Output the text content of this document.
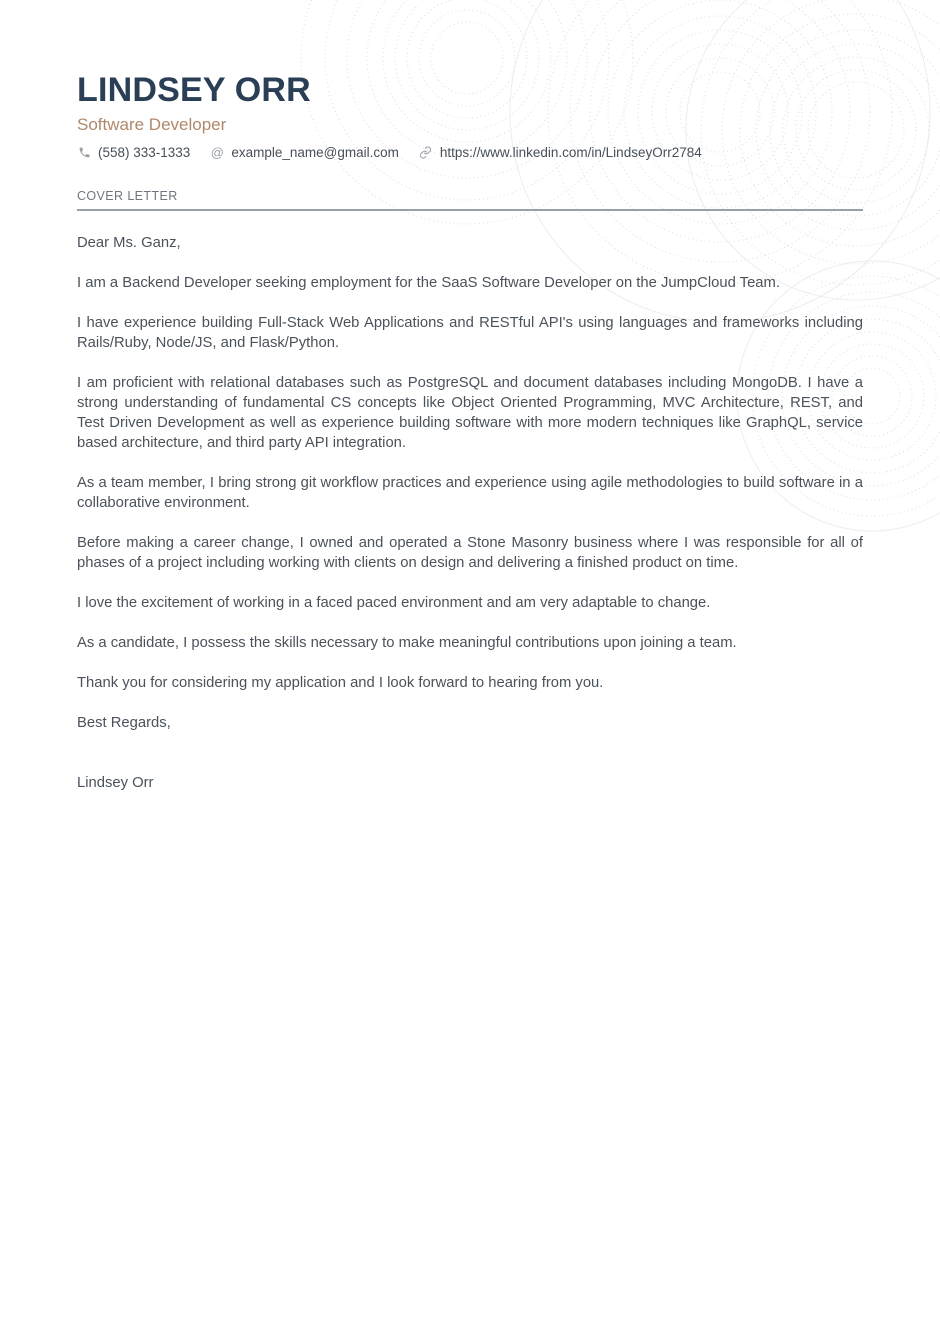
LINDSEY ORR
Software Developer
(558) 333-1333 @ example_name@gmail.com	https://www.linkedin.com/in/LindseyOrr2784
COVER LETTER

Dear Ms. Ganz,

I am a Backend Developer seeking employment for the SaaS Software Developer on the JumpCloud Team.

I have experience building Full-Stack Web Applications and RESTful API's using languages and frameworks including Rails/Ruby, Node/JS, and Flask/Python.

I am proficient with relational databases such as PostgreSQL and document databases including MongoDB. I have a strong understanding of fundamental CS concepts like Object Oriented Programming, MVC Architecture, REST, and Test Driven Development as well as experience building software with more modern techniques like GraphQL, service based architecture, and third party API integration.

As a team member, I bring strong git workflow practices and experience using agile methodologies to build software in a collaborative environment.

Before making a career change, I owned and operated a Stone Masonry business where I was responsible for all of phases of a project including working with clients on design and delivering a finished product on time.

I love the excitement of working in a faced paced environment and am very adaptable to change.

As a candidate, I possess the skills necessary to make meaningful contributions upon joining a team.

Thank you for considering my application and I look forward to hearing from you.

Best Regards,

Lindsey Orr
